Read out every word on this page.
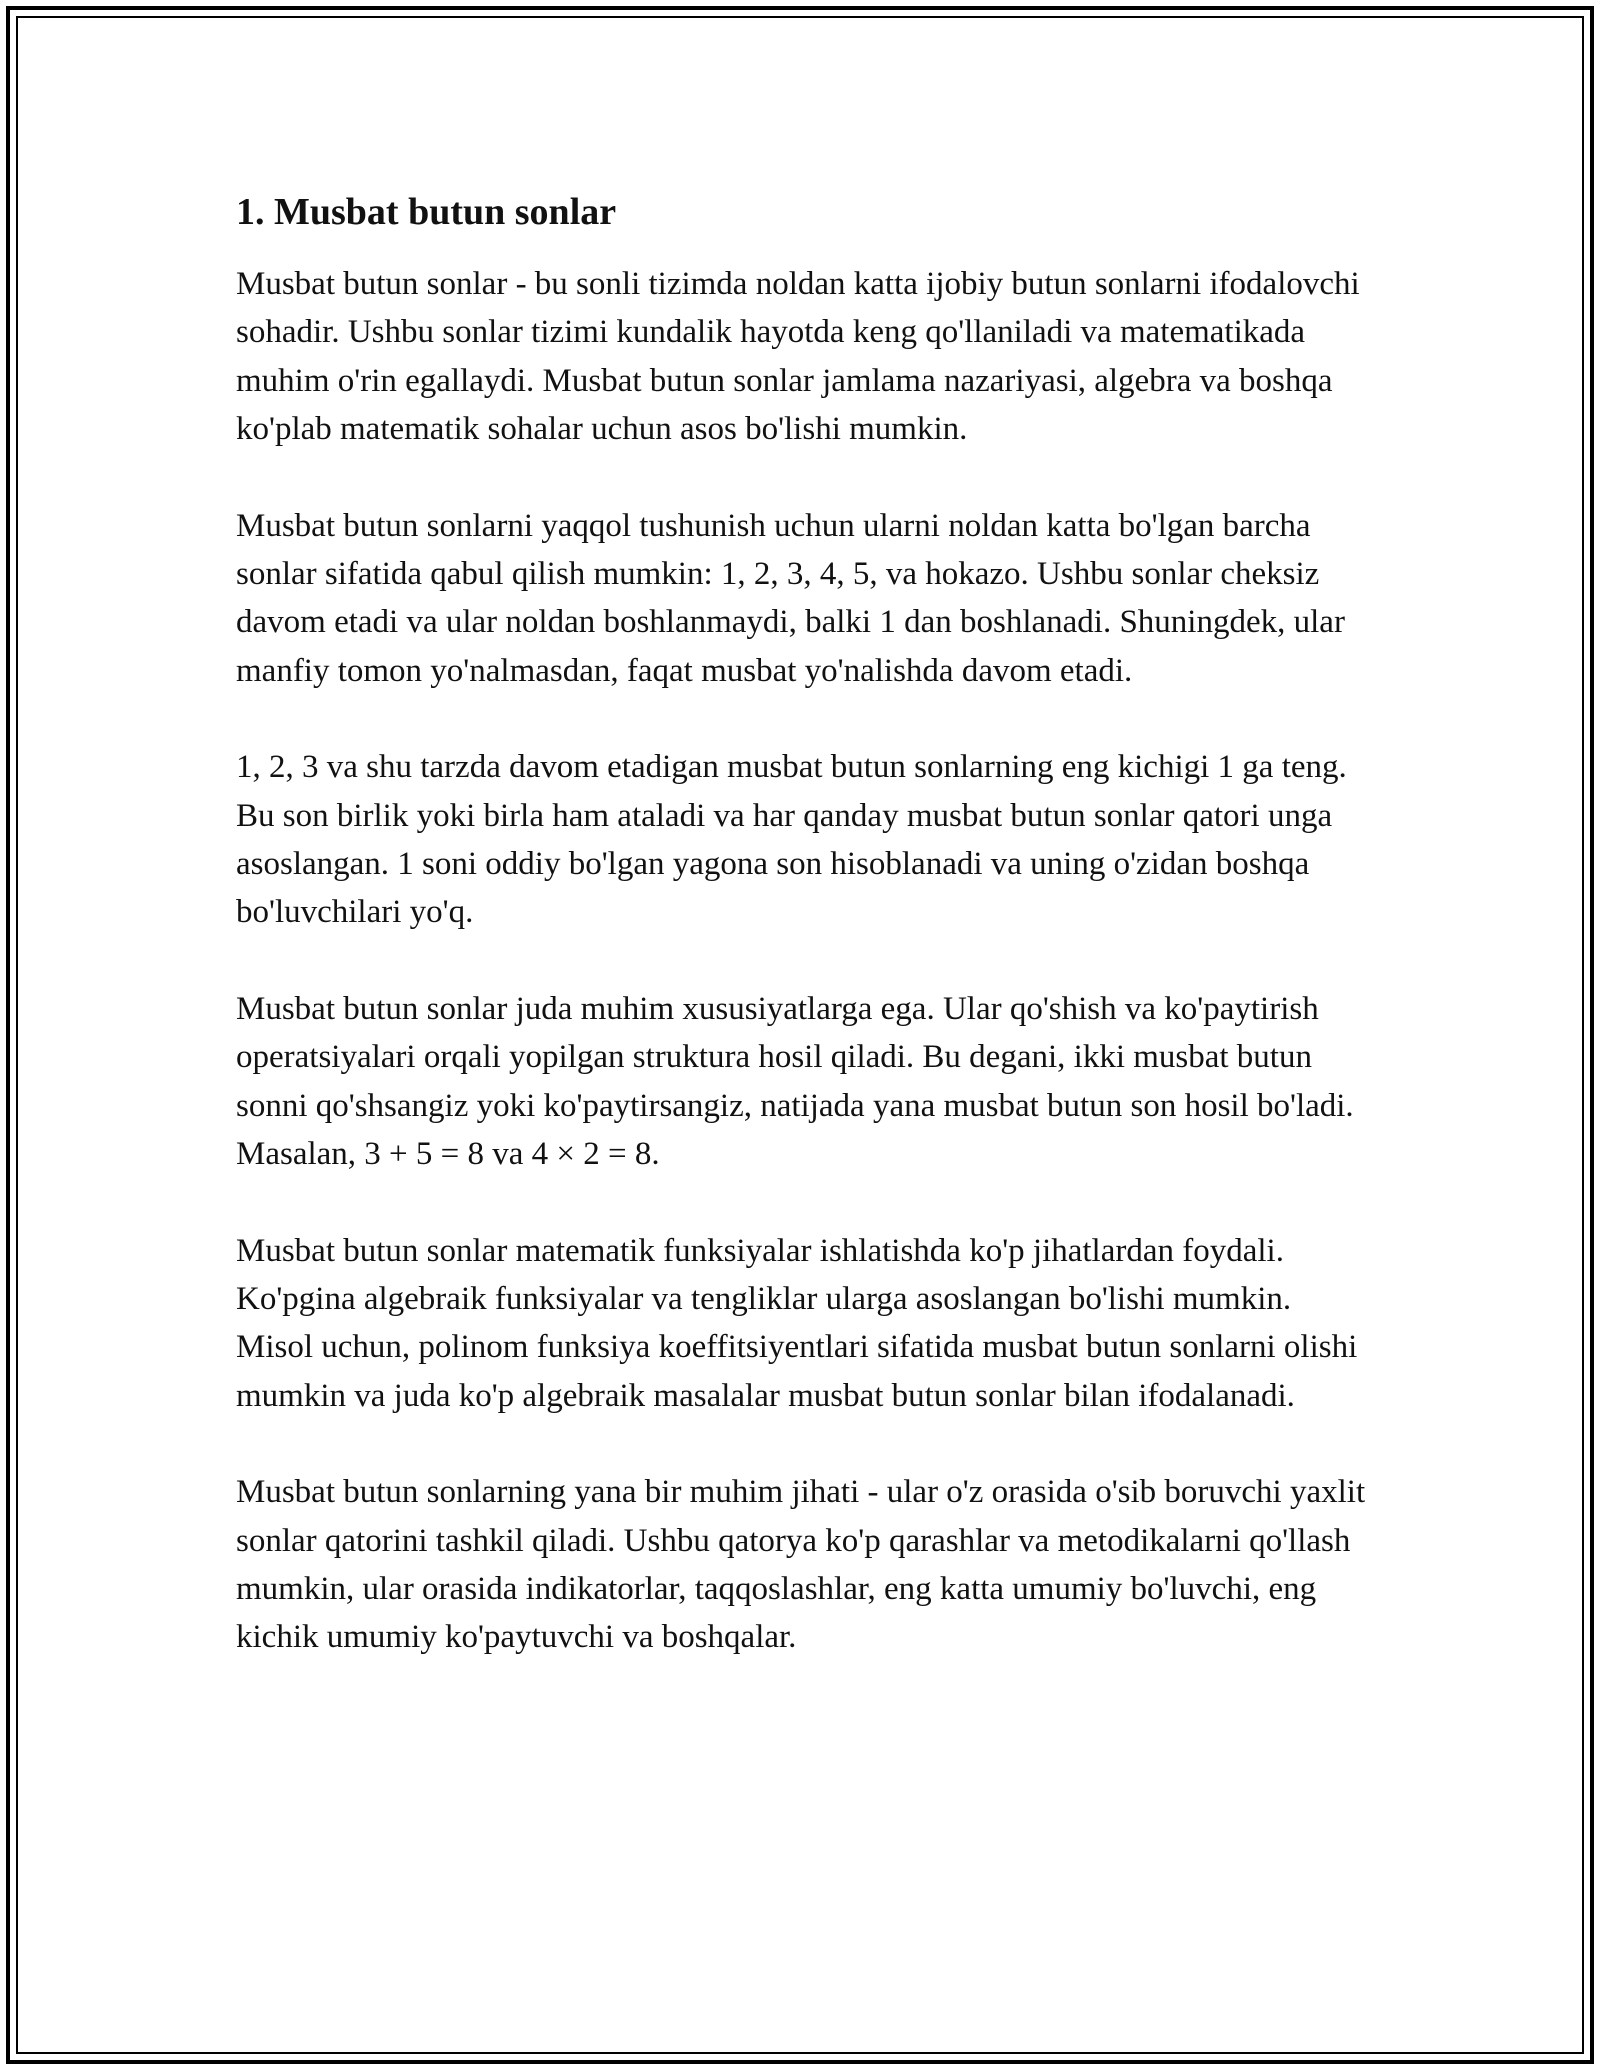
1. Musbat butun sonlar

Musbat butun sonlar - bu sonli tizimda noldan katta ijobiy butun sonlarni ifodalovchi sohadir. Ushbu sonlar tizimi kundalik hayotda keng qo'llaniladi va matematikada muhim o'rin egallaydi. Musbat butun sonlar jamlama nazariyasi, algebra va boshqa ko'plab matematik sohalar uchun asos bo'lishi mumkin.

Musbat butun sonlarni yaqqol tushunish uchun ularni noldan katta bo'lgan barcha sonlar sifatida qabul qilish mumkin: 1, 2, 3, 4, 5, va hokazo. Ushbu sonlar cheksiz davom etadi va ular noldan boshlanmaydi, balki 1 dan boshlanadi. Shuningdek, ular manfiy tomon yo'nalmasdan, faqat musbat yo'nalishda davom etadi.

1, 2, 3 va shu tarzda davom etadigan musbat butun sonlarning eng kichigi 1 ga teng. Bu son birlik yoki birla ham ataladi va har qanday musbat butun sonlar qatori unga asoslangan. 1 soni oddiy bo'lgan yagona son hisoblanadi va uning o'zidan boshqa bo'luvchilari yo'q.

Musbat butun sonlar juda muhim xususiyatlarga ega. Ular qo'shish va ko'paytirish operatsiyalari orqali yopilgan struktura hosil qiladi. Bu degani, ikki musbat butun sonni qo'shsangiz yoki ko'paytirsangiz, natijada yana musbat butun son hosil bo'ladi. Masalan, 3 + 5 = 8 va 4 × 2 = 8.

Musbat butun sonlar matematik funksiyalar ishlatishda ko'p jihatlardan foydali. Ko'pgina algebraik funksiyalar va tengliklar ularga asoslangan bo'lishi mumkin. Misol uchun, polinom funksiya koeffitsiyentlari sifatida musbat butun sonlarni olishi mumkin va juda ko'p algebraik masalalar musbat butun sonlar bilan ifodalanadi.

Musbat butun sonlarning yana bir muhim jihati - ular o'z orasida o'sib boruvchi yaxlit sonlar qatorini tashkil qiladi. Ushbu qatorya ko'p qarashlar va metodikalarni qo'llash mumkin, ular orasida indikatorlar, taqqoslashlar, eng katta umumiy bo'luvchi, eng kichik umumiy ko'paytuvchi va boshqalar.
